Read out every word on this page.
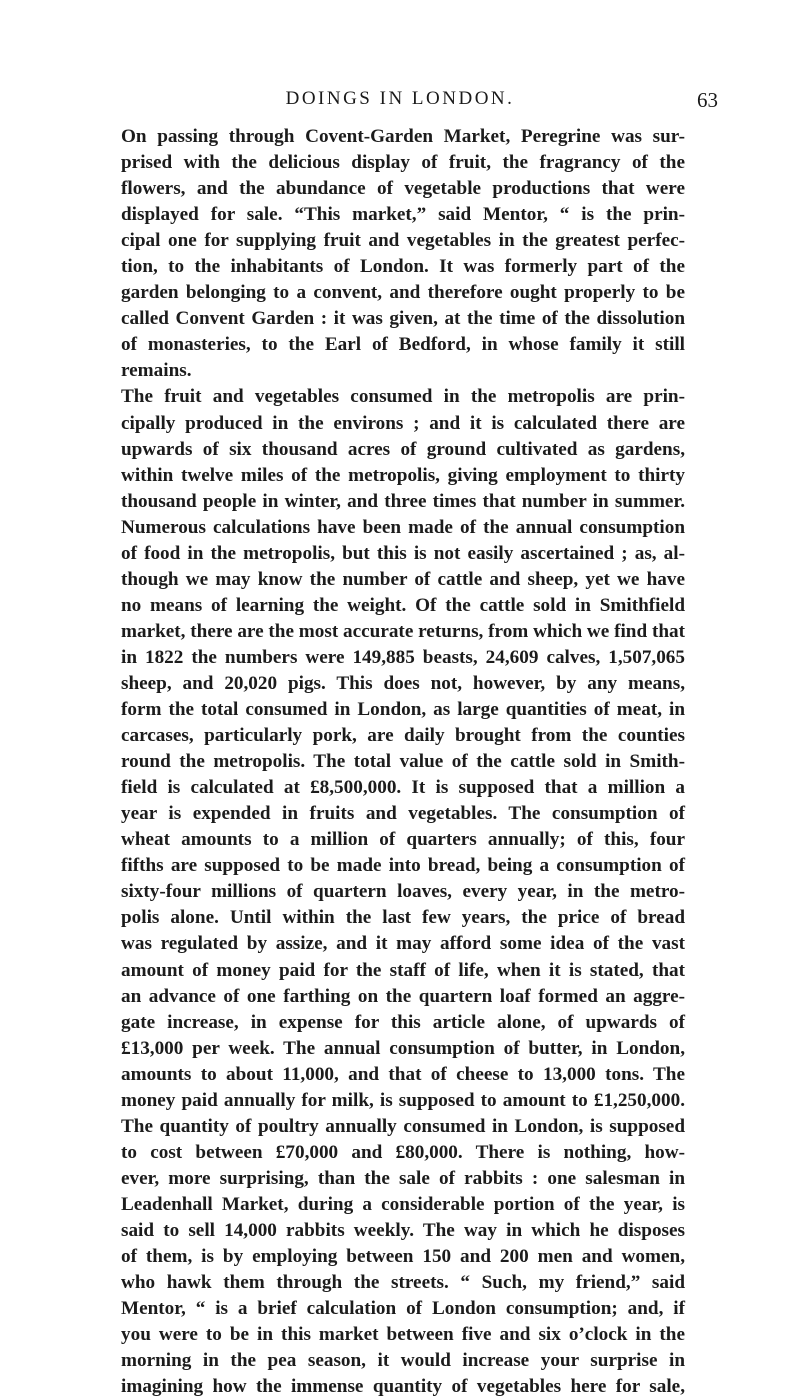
DOINGS IN LONDON.	63
On passing through Covent-Garden Market, Peregrine was sur-
prised with the delicious display of fruit, the fragrancy of the
flowers, and the abundance of vegetable productions that were
displayed for sale. “This market,” said Mentor, “ is the prin-
cipal one for supplying fruit and vegetables in the greatest perfec-
tion, to the inhabitants of London. It was formerly part of the
garden belonging to a convent, and therefore ought properly to be
called Convent Garden : it was given, at the time of the dissolution
of monasteries, to the Earl of Bedford, in whose family it still
remains.
The fruit and vegetables consumed in the metropolis are prin-
cipally produced in the environs ; and it is calculated there are
upwards of six thousand acres of ground cultivated as gardens,
within twelve miles of the metropolis, giving employment to thirty
thousand people in winter, and three times that number in summer.
Numerous calculations have been made of the annual consumption
of food in the metropolis, but this is not easily ascertained ; as, al-
though we may know the number of cattle and sheep, yet we have
no means of learning the weight. Of the cattle sold in Smithfield
market, there are the most accurate returns, from which we find that
in 1822 the numbers were 149,885 beasts, 24,609 calves, 1,507,065
sheep, and 20,020 pigs. This does not, however, by any means,
form the total consumed in London, as large quantities of meat, in
carcases, particularly pork, are daily brought from the counties
round the metropolis. The total value of the cattle sold in Smith-
field is calculated at £8,500,000. It is supposed that a million a
year is expended in fruits and vegetables. The consumption of
wheat amounts to a million of quarters annually; of this, four
fifths are supposed to be made into bread, being a consumption of
sixty-four millions of quartern loaves, every year, in the metro-
polis alone. Until within the last few years, the price of bread
was regulated by assize, and it may afford some idea of the vast
amount of money paid for the staff of life, when it is stated, that
an advance of one farthing on the quartern loaf formed an aggre-
gate increase, in expense for this article alone, of upwards of
£13,000 per week. The annual consumption of butter, in London,
amounts to about 11,000, and that of cheese to 13,000 tons. The
money paid annually for milk, is supposed to amount to £1,250,000.
The quantity of poultry annually consumed in London, is supposed
to cost between £70,000 and £80,000. There is nothing, how-
ever, more surprising, than the sale of rabbits : one salesman in
Leadenhall Market, during a considerable portion of the year, is
said to sell 14,000 rabbits weekly. The way in which he disposes
of them, is by employing between 150 and 200 men and women,
who hawk them through the streets. “ Such, my friend,” said
Mentor, “ is a brief calculation of London consumption; and, if
you were to be in this market between five and six o’clock in the
morning in the pea season, it would increase your surprise in
imagining how the immense quantity of vegetables here for sale,
